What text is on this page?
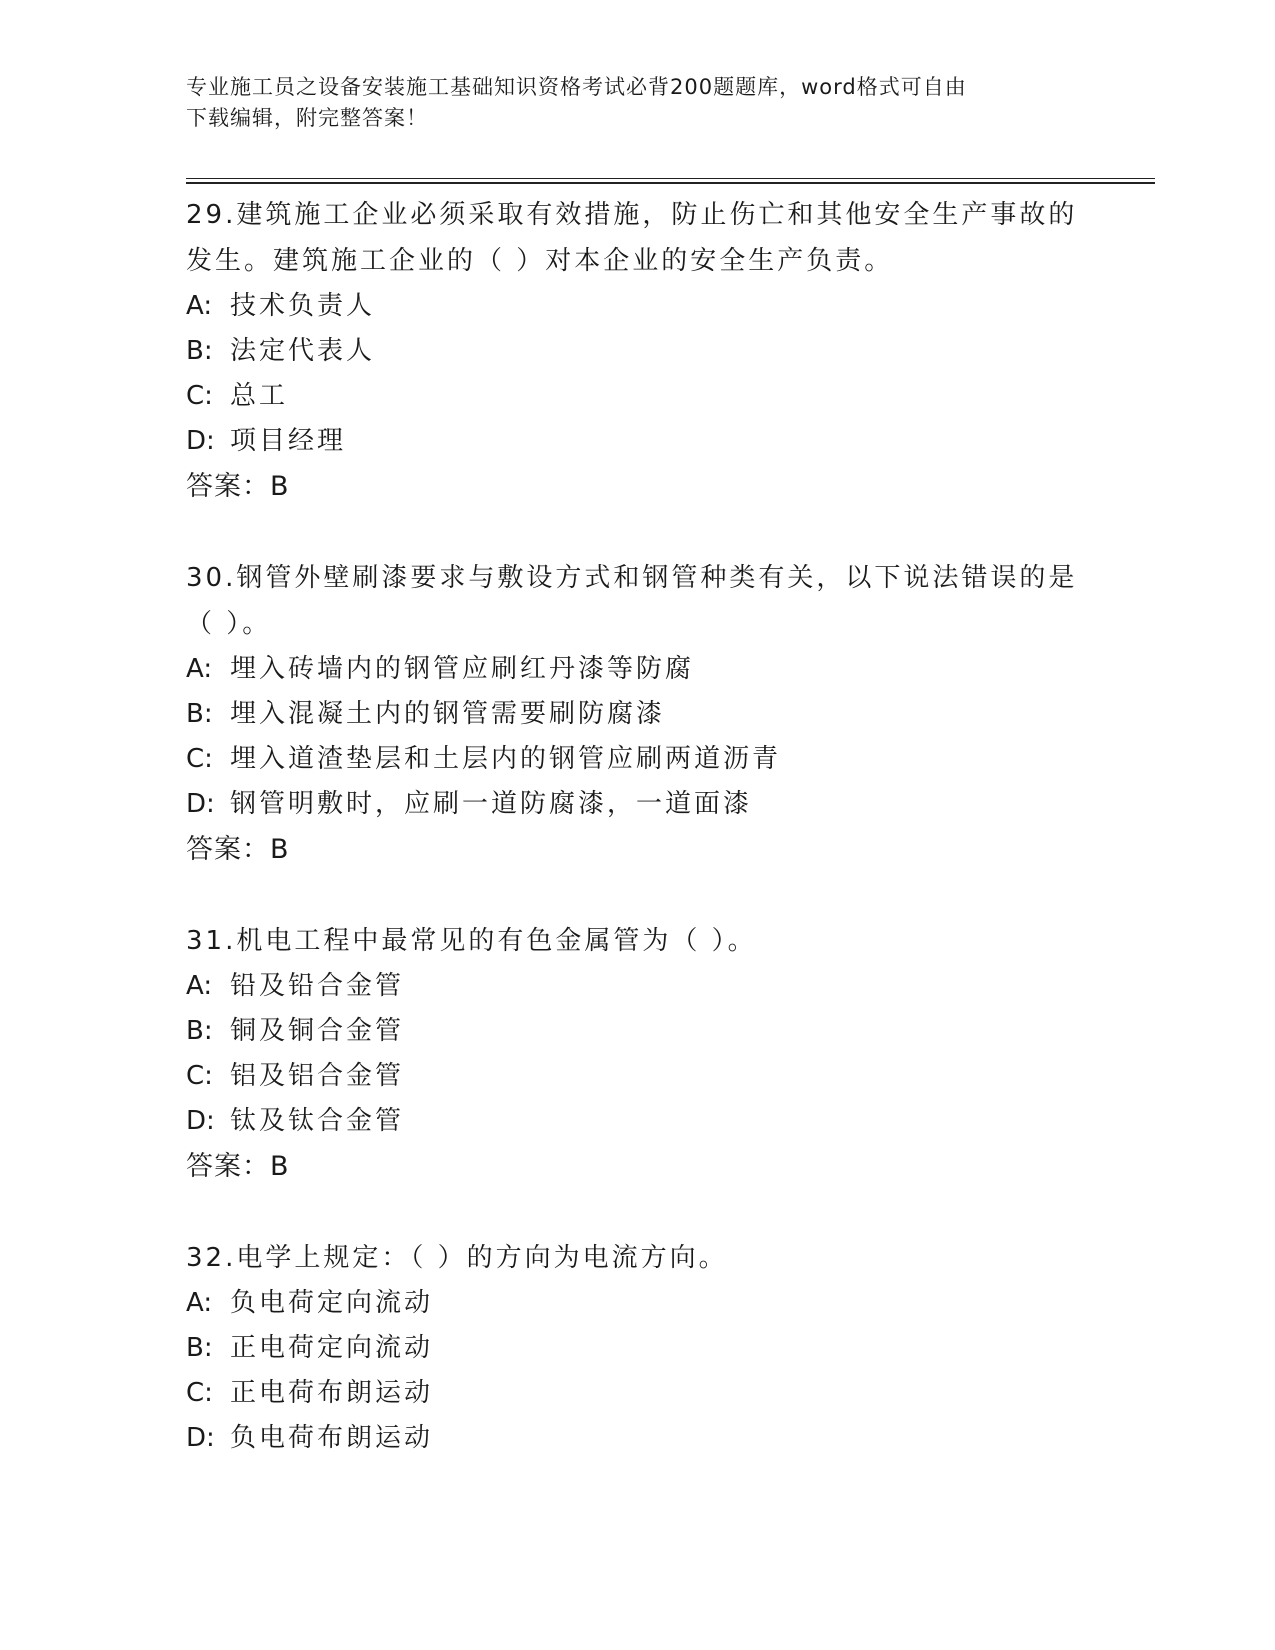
专业施工员之设备安装施工基础知识资格考试必背200题题库，word格式可自由
下载编辑，附完整答案！
29.建筑施工企业必须采取有效措施，防止伤亡和其他安全生产事故的发生。建筑施工企业的（ ）对本企业的安全生产负责。
A: 技术负责人
B: 法定代表人
C: 总工
D: 项目经理
答案：B
30.钢管外壁刷漆要求与敷设方式和钢管种类有关，以下说法错误的是（ ）。
A: 埋入砖墙内的钢管应刷红丹漆等防腐
B: 埋入混凝土内的钢管需要刷防腐漆
C: 埋入道渣垫层和土层内的钢管应刷两道沥青
D: 钢管明敷时，应刷一道防腐漆，一道面漆
答案：B
31.机电工程中最常见的有色金属管为（ ）。
A: 铅及铅合金管
B: 铜及铜合金管
C: 铝及铝合金管
D: 钛及钛合金管
答案：B
32.电学上规定：（ ）的方向为电流方向。
A: 负电荷定向流动
B: 正电荷定向流动
C: 正电荷布朗运动
D: 负电荷布朗运动
